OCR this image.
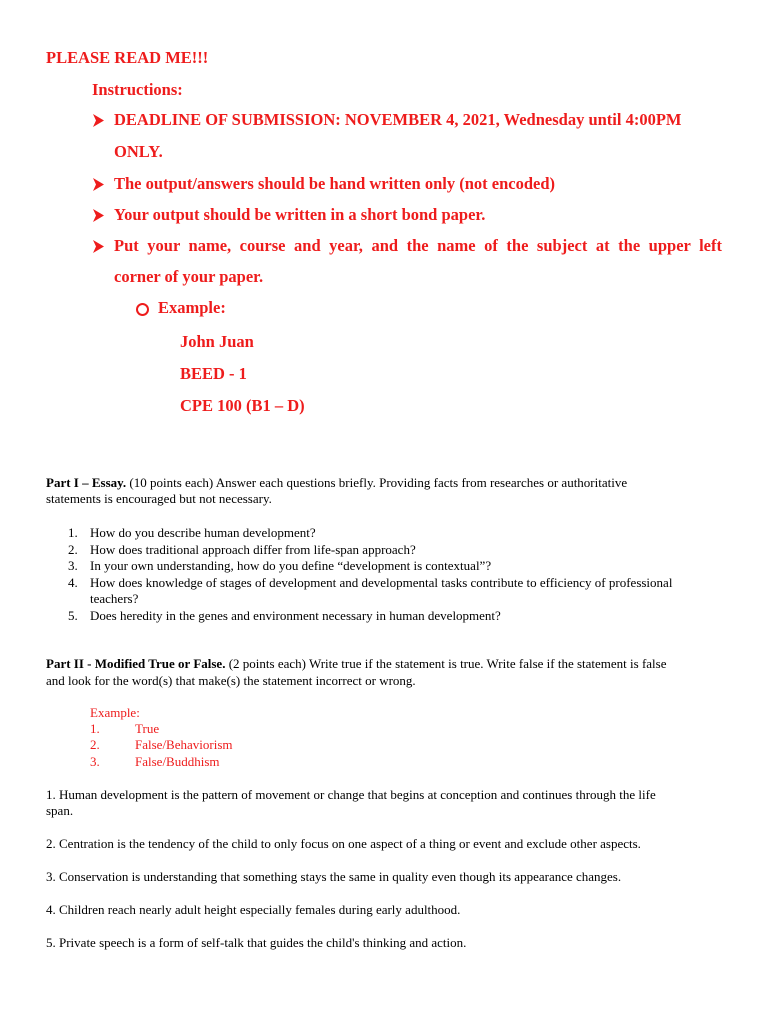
PLEASE READ ME!!!
Instructions:
DEADLINE OF SUBMISSION: NOVEMBER 4, 2021, Wednesday until 4:00PM
ONLY.
The output/answers should be hand written only (not encoded)
Your output should be written in a short bond paper.
Put your name, course and year, and the name of the subject at the upper left
corner of your paper.
Example:
John Juan
BEED - 1
CPE 100 (B1 – D)
Part I – Essay. (10 points each) Answer each questions briefly. Providing facts from researches or authoritative
statements is encouraged but not necessary.
1. How do you describe human development?
2. How does traditional approach differ from life-span approach?
3. In your own understanding, how do you define “development is contextual”?
4. How does knowledge of stages of development and developmental tasks contribute to efficiency of professional
teachers?
5. Does heredity in the genes and environment necessary in human development?
Part II - Modified True or False. (2 points each) Write true if the statement is true. Write false if the statement is false
and look for the word(s) that make(s) the statement incorrect or wrong.
Example:
1.	True
2.	False/Behaviorism
3.	False/Buddhism
1. Human development is the pattern of movement or change that begins at conception and continues through the life
span.
2. Centration is the tendency of the child to only focus on one aspect of a thing or event and exclude other aspects.
3. Conservation is understanding that something stays the same in quality even though its appearance changes.
4. Children reach nearly adult height especially females during early adulthood.
5. Private speech is a form of self-talk that guides the child's thinking and action.
